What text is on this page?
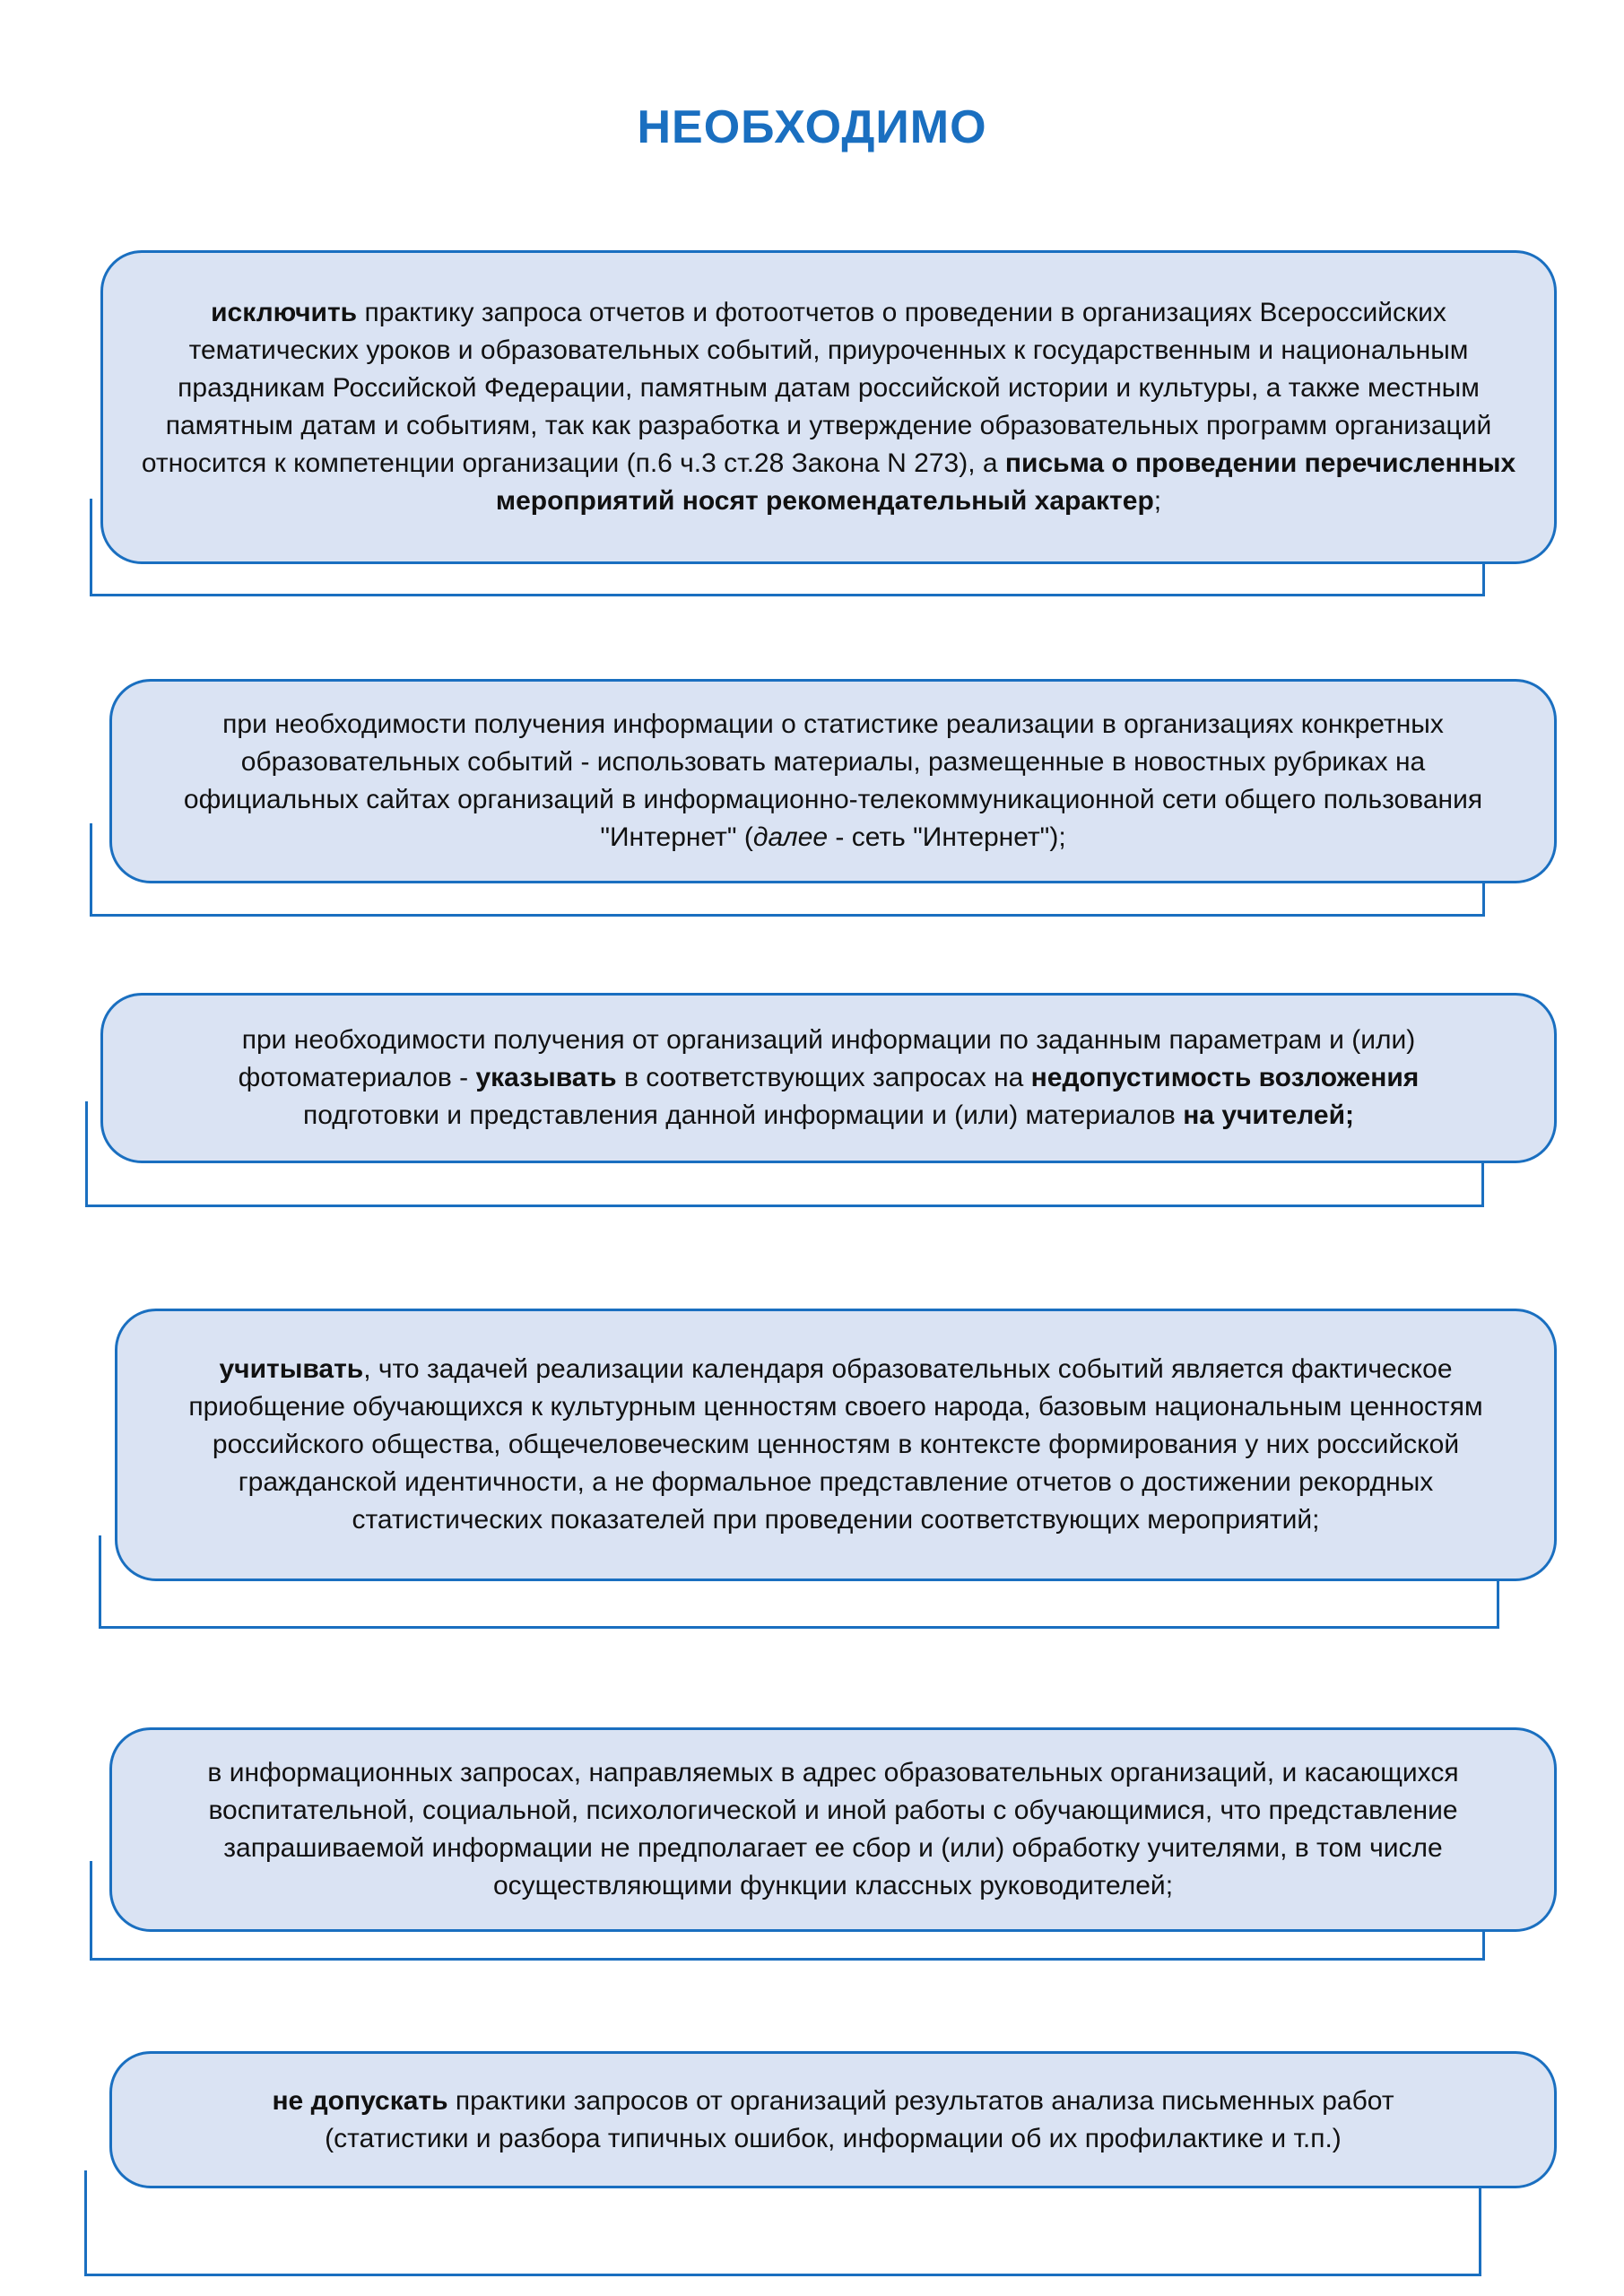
НЕОБХОДИМО

исключить практику запроса отчетов и фотоотчетов о проведении в организациях Всероссийских тематических уроков и образовательных событий, приуроченных к государственным и национальным праздникам Российской Федерации, памятным датам российской истории и культуры, а также местным памятным датам и событиям, так как разработка и утверждение образовательных программ организаций относится к компетенции организации (п.6 ч.3 ст.28 Закона N 273), а письма о проведении перечисленных мероприятий носят рекомендательный характер;

при необходимости получения информации о статистике реализации в организациях конкретных образовательных событий - использовать материалы, размещенные в новостных рубриках на официальных сайтах организаций в информационно-телекоммуникационной сети общего пользования "Интернет" (далее - сеть "Интернет");

при необходимости получения от организаций информации по заданным параметрам и (или) фотоматериалов - указывать в соответствующих запросах на недопустимость возложения подготовки и представления данной информации и (или) материалов на учителей;

учитывать, что задачей реализации календаря образовательных событий является фактическое приобщение обучающихся к культурным ценностям своего народа, базовым национальным ценностям российского общества, общечеловеческим ценностям в контексте формирования у них российской гражданской идентичности, а не формальное представление отчетов о достижении рекордных статистических показателей при проведении соответствующих мероприятий;

в информационных запросах, направляемых в адрес образовательных организаций, и касающихся воспитательной, социальной, психологической и иной работы с обучающимися, что представление запрашиваемой информации не предполагает ее сбор и (или) обработку учителями, в том числе осуществляющими функции классных руководителей;

не допускать практики запросов от организаций результатов анализа письменных работ (статистики и разбора типичных ошибок, информации об их профилактике и т.п.)
